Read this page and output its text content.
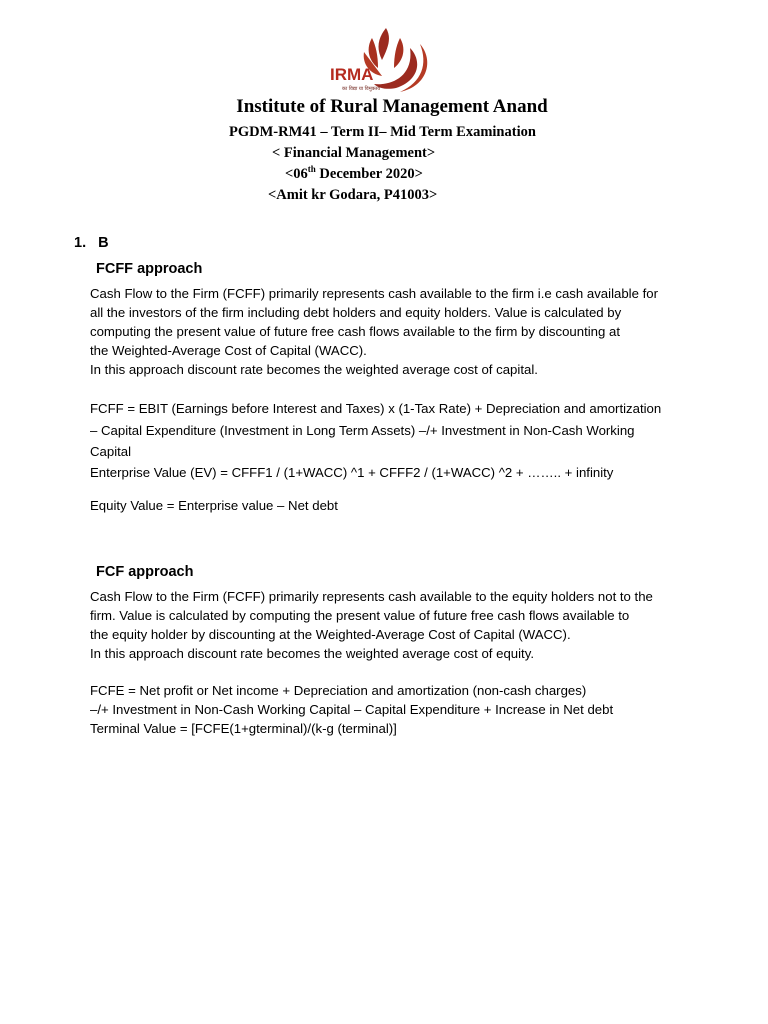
IRMA
का विद्या या विमुक्तये
Institute of Rural Management Anand
PGDM-RM41 – Term II– Mid Term Examination
< Financial Management>
<06th December 2020>
<Amit kr Godara, P41003>
1. B
FCFF approach

Cash Flow to the Firm (FCFF) primarily represents cash available to the firm i.e cash available for

all the investors of the firm including debt holders and equity holders. Value is calculated by

computing the present value of future free cash flows available to the firm by discounting at

the Weighted-Average Cost of Capital (WACC).

In this approach discount rate becomes the weighted average cost of capital.

FCFF = EBIT (Earnings before Interest and Taxes) x (1-Tax Rate) + Depreciation and amortization

– Capital Expenditure (Investment in Long Term Assets) –/+ Investment in Non-Cash Working

Capital

Enterprise Value (EV) = CFFF1 / (1+WACC) ^1 + CFFF2 / (1+WACC) ^2 + …….. + infinity
Equity Value = Enterprise value – Net debt
FCF approach

Cash Flow to the Firm (FCFF) primarily represents cash available to the equity holders not to the

firm. Value is calculated by computing the present value of future free cash flows available to

the equity holder by discounting at the Weighted-Average Cost of Capital (WACC).

In this approach discount rate becomes the weighted average cost of equity.

FCFE = Net profit or Net income + Depreciation and amortization (non-cash charges)

–/+ Investment in Non-Cash Working Capital – Capital Expenditure + Increase in Net debt

Terminal Value = [FCFE(1+gterminal)/(k-g (terminal)]
